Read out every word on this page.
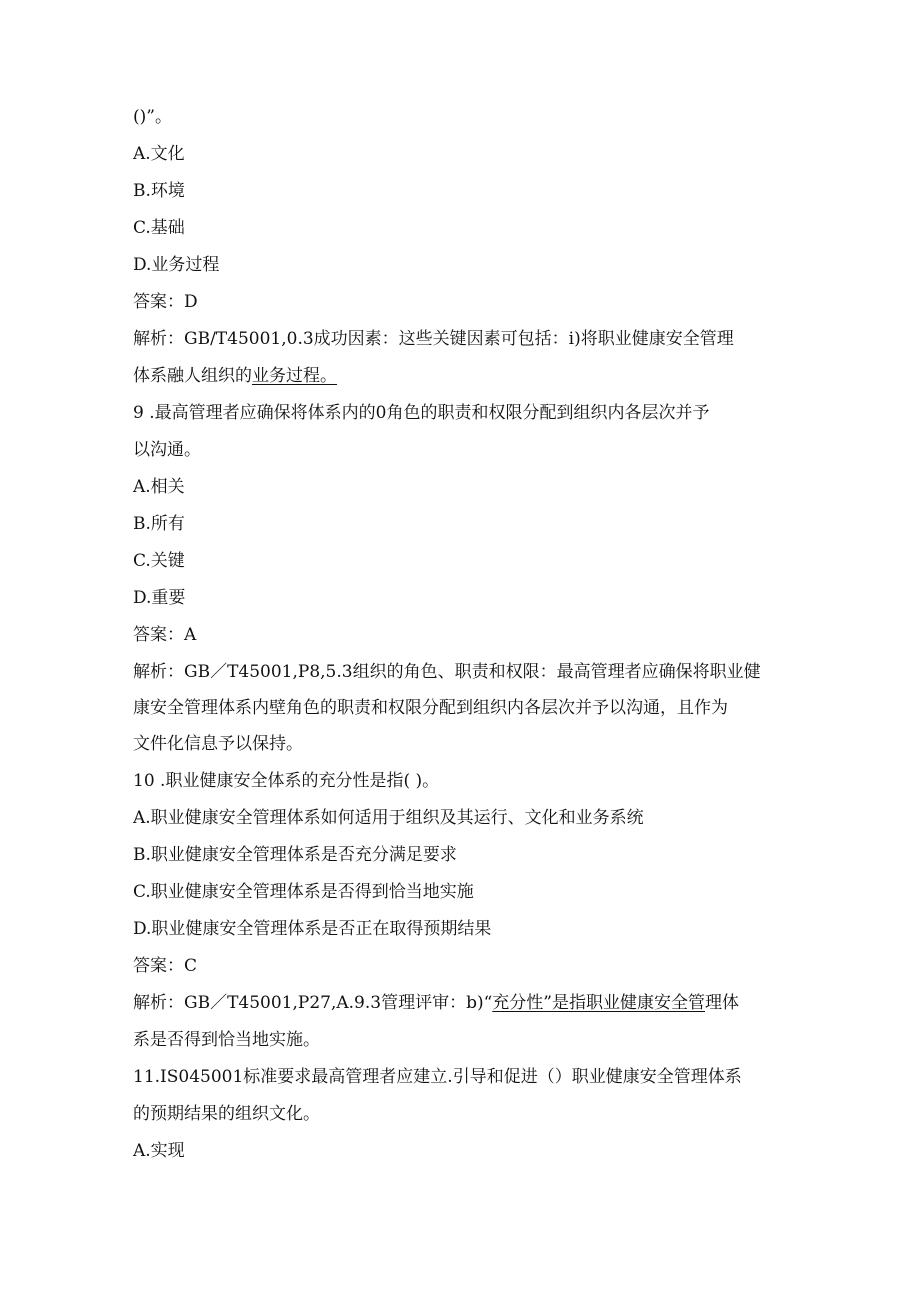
()”。
A.文化
B.环境
C.基础
D.业务过程
答案：D
解析：GB/T45001,0.3成功因素：这些关键因素可包括：i)将职业健康安全管理
体系融人组织的业务过程。
9 .最高管理者应确保将体系内的0角色的职责和权限分配到组织内各层次并予
以沟通。
A.相关
B.所有
C.关键
D.重要
答案：A
解析：GB／T45001,P8,5.3组织的角色、职责和权限：最高管理者应确保将职业健
康安全管理体系内壁角色的职责和权限分配到组织内各层次并予以沟通，且作为
文件化信息予以保持。
10 .职业健康安全体系的充分性是指( )。
A.职业健康安全管理体系如何适用于组织及其运行、文化和业务系统
B.职业健康安全管理体系是否充分满足要求
C.职业健康安全管理体系是否得到恰当地实施
D.职业健康安全管理体系是否正在取得预期结果
答案：C
解析：GB／T45001,P27,A.9.3管理评审：b)“充分性”是指职业健康安全管理体
系是否得到恰当地实施。
11.IS045001标准要求最高管理者应建立.引导和促进（）职业健康安全管理体系
的预期结果的组织文化。
A.实现
